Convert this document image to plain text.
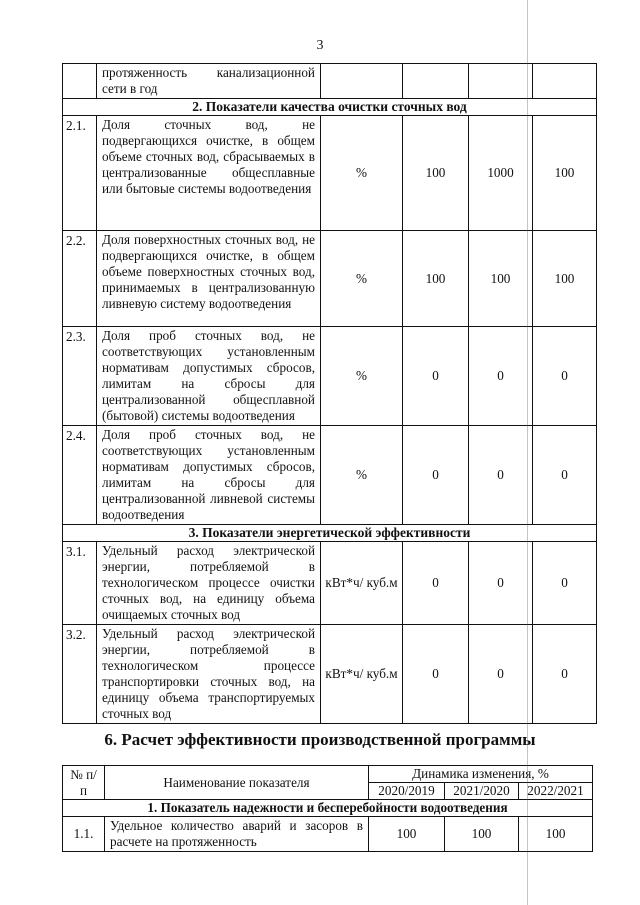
3
	протяженность канализационной сети в год				
2. Показатели качества очистки сточных вод					
2.1.	Доля сточных вод, не подвергающихся очистке, в общем объеме сточных вод, сбрасываемых в централизованные общесплавные или бытовые системы водоотведения	%	100	1000	100
2.2.	Доля поверхностных сточных вод, не подвергающихся очистке, в общем объеме поверхностных сточных вод, принимаемых в централизованную ливневую систему водоотведения	%	100	100	100
2.3.	Доля проб сточных вод, не соответствующих установленным нормативам допустимых сбросов, лимитам на сбросы для централизованной общесплавной (бытовой) системы водоотведения	%	0	0	0
2.4.	Доля проб сточных вод, не соответствующих установленным нормативам допустимых сбросов, лимитам на сбросы для централизованной ливневой системы водоотведения	%	0	0	0
3. Показатели энергетической эффективности					
3.1.	Удельный расход электрической энергии, потребляемой в технологическом процессе очистки сточных вод, на единицу объема очищаемых сточных вод	кВт*ч/ куб.м	0	0	0
3.2.	Удельный расход электрической энергии, потребляемой в технологическом процессе транспортировки сточных вод, на единицу объема транспортируемых сточных вод	кВт*ч/ куб.м	0	0	0
6. Расчет эффективности производственной программы
№ п/п	Наименование показателя	Динамика изменения, %		
		2020/2019	2021/2020	2022/2021
1. Показатель надежности и бесперебойности водоотведения				
1.1.	Удельное количество аварий и засоров в расчете на протяженность	100	100	100
